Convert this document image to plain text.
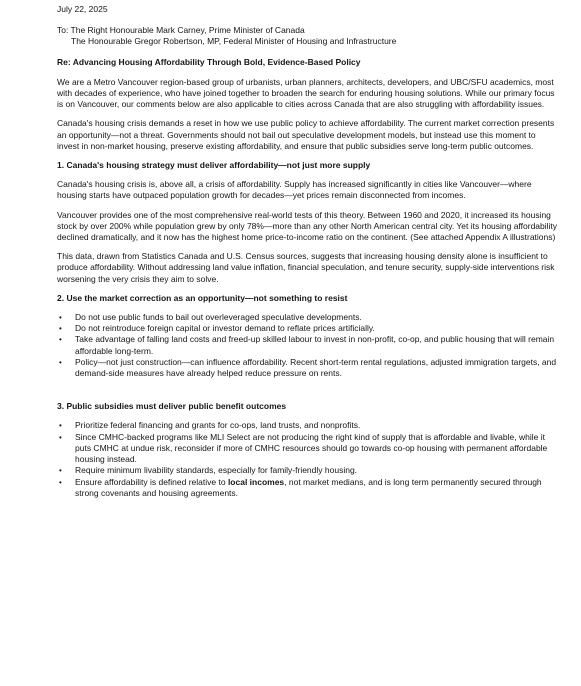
July 22, 2025
To: The Right Honourable Mark Carney, Prime Minister of Canada
The Honourable Gregor Robertson, MP, Federal Minister of Housing and Infrastructure
Re: Advancing Housing Affordability Through Bold, Evidence-Based Policy

We are a Metro Vancouver region-based group of urbanists, urban planners, architects, developers, and UBC/SFU academics, most with decades of experience, who have joined together to broaden the search for enduring housing solutions. While our primary focus is on Vancouver, our comments below are also applicable to cities across Canada that are also struggling with affordability issues.

Canada's housing crisis demands a reset in how we use public policy to achieve affordability. The current market correction presents an opportunity—not a threat. Governments should not bail out speculative development models, but instead use this moment to invest in non-market housing, preserve existing affordability, and ensure that public subsidies serve long-term public outcomes.

1. Canada's housing strategy must deliver affordability—not just more supply

Canada's housing crisis is, above all, a crisis of affordability. Supply has increased significantly in cities like Vancouver—where housing starts have outpaced population growth for decades—yet prices remain disconnected from incomes.

Vancouver provides one of the most comprehensive real-world tests of this theory. Between 1960 and 2020, it increased its housing stock by over 200% while population grew by only 78%—more than any other North American central city. Yet its housing affordability declined dramatically, and it now has the highest home price-to-income ratio on the continent. (See attached Appendix A illustrations)

This data, drawn from Statistics Canada and U.S. Census sources, suggests that increasing housing density alone is insufficient to produce affordability. Without addressing land value inflation, financial speculation, and tenure security, supply-side interventions risk worsening the very crisis they aim to solve.

2. Use the market correction as an opportunity—not something to resist
• Do not use public funds to bail out overleveraged speculative developments.
• Do not reintroduce foreign capital or investor demand to reflate prices artificially.
• Take advantage of falling land costs and freed-up skilled labour to invest in non-profit, co-op, and public housing that will remain affordable long-term.
• Policy—not just construction—can influence affordability. Recent short-term rental regulations, adjusted immigration targets, and demand-side measures have already helped reduce pressure on rents.
3. Public subsidies must deliver public benefit outcomes
• Prioritize federal financing and grants for co-ops, land trusts, and nonprofits.
• Since CMHC-backed programs like MLI Select are not producing the right kind of supply that is affordable and livable, while it puts CMHC at undue risk, reconsider if more of CMHC resources should go towards co-op housing with permanent affordable housing instead.
• Require minimum livability standards, especially for family-friendly housing.
• Ensure affordability is defined relative to local incomes, not market medians, and is long term permanently secured through strong covenants and housing agreements.
